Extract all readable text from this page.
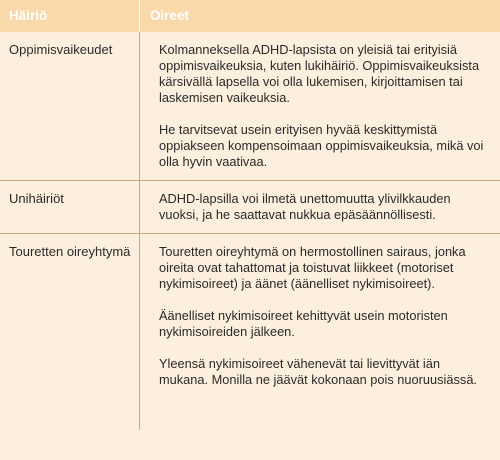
Häiriö	Oireet
Oppimisvaikeudet	Kolmanneksella ADHD-lapsista on yleisiä tai erityisiä oppimisvaikeuksia, kuten lukihäiriö. Oppimisvaikeuksista kärsivällä lapsella voi olla lukemisen, kirjoittamisen tai laskemisen vaikeuksia.

He tarvitsevat usein erityisen hyvää keskittymistä oppiakseen kompensoimaan oppimisvaikeuksia, mikä voi olla hyvin vaativaa.

Unihäiriöt	ADHD-lapsilla voi ilmetä unettomuutta ylivilkkauden vuoksi, ja he saattavat nukkua epäsäännöllisesti.

Touretten oireyhtymä	Touretten oireyhtymä on hermostollinen sairaus, jonka oireita ovat tahattomat ja toistuvat liikkeet (motoriset nykimisoireet) ja äänet (äänelliset nykimisoireet).

Äänelliset nykimisoireet kehittyvät usein motoristen nykimisoireiden jälkeen.

Yleensä nykimisoireet vähenevät tai lievittyvät iän mukana. Monilla ne jäävät kokonaan pois nuoruusiässä.
